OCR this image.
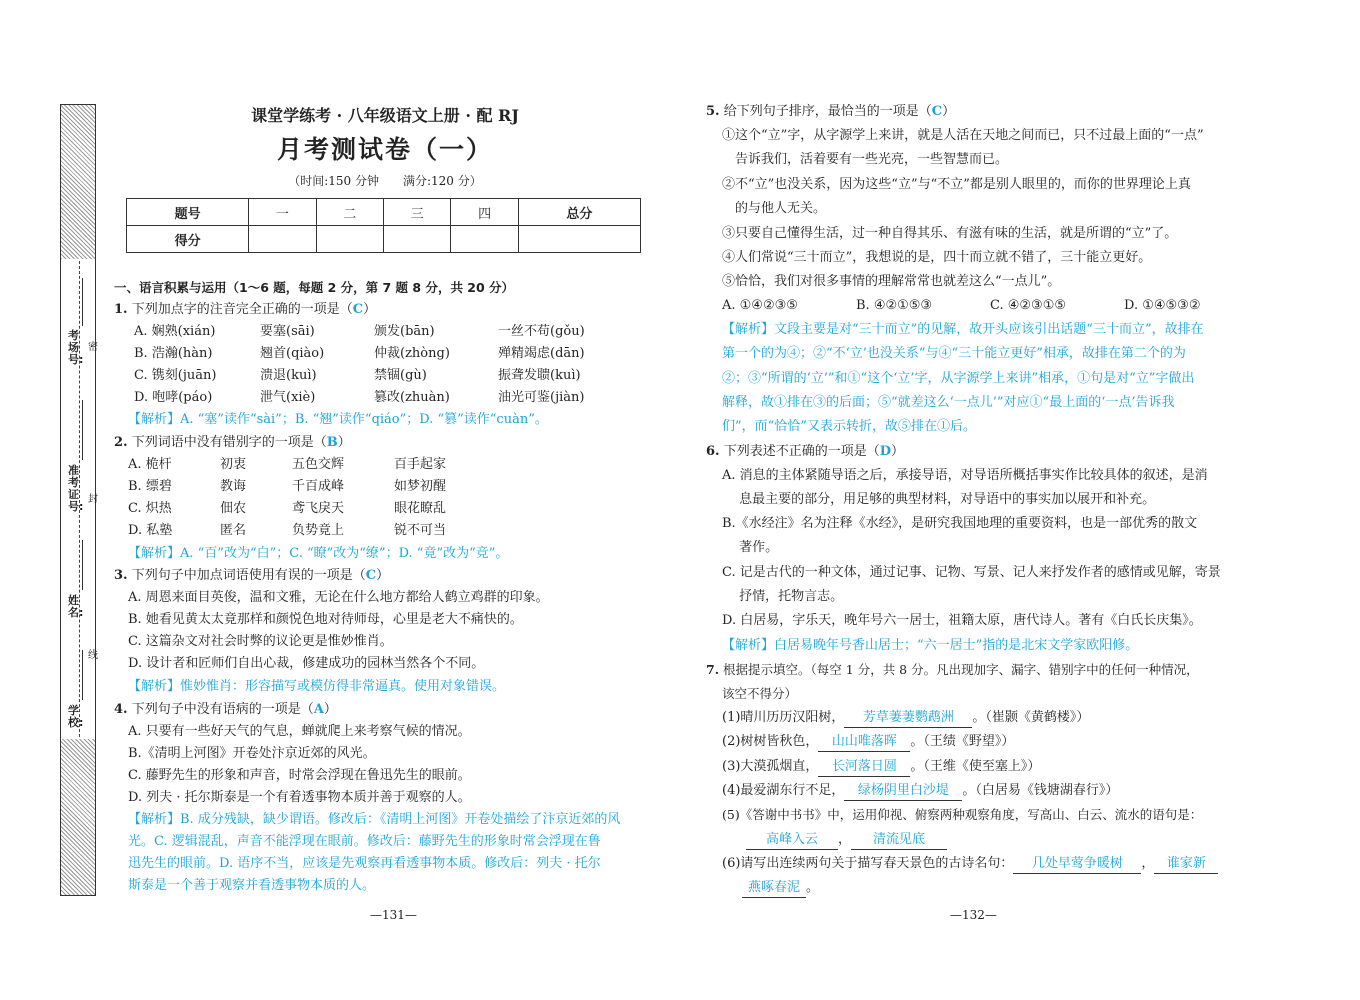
考场号:
准考证号:
姓名:
学校:
密
封
线
课堂学练考 · 八年级语文上册 · 配 RJ
月考测试卷（一）
（时间:150 分钟　　满分:120 分）
题号	一	二	三	四	总分
得分					
一、语言积累与运用（1～6 题，每题 2 分，第 7 题 8 分，共 20 分）
1. 下列加点字的注音完全正确的一项是（C）
A. 娴熟(xián)	要塞(sāi)	颁发(bān)	一丝不苟(gǒu)
B. 浩瀚(hàn)	翘首(qiào)	仲裁(zhòng)	殚精竭虑(dān)
C. 镌刻(juān)	溃退(kuì)	禁锢(gù)	振聋发聩(kuì)
D. 咆哮(páo)	泄气(xiè)	篡改(zhuàn)	油光可鉴(jiàn)
【解析】A. “塞”读作“sài”；B. “翘”读作“qiáo”；D. “篡”读作“cuàn”。
2. 下列词语中没有错别字的一项是（B）
A. 桅杆	初衷	五色交辉	百手起家
B. 缥碧	教诲	千百成峰	如梦初醒
C. 炽热	佃农	鸢飞戾天	眼花瞭乱
D. 私塾	匿名	负势竟上	锐不可当
【解析】A. “百”改为“白”；C. “瞭”改为“缭”；D. “竟”改为“竞”。
3. 下列句子中加点词语使用有误的一项是（C）
A. 周恩来面目英俊，温和文雅，无论在什么地方都给人鹤立鸡群的印象。
B. 她看见黄太太竟那样和颜悦色地对待师母，心里是老大不痛快的。
C. 这篇杂文对社会时弊的议论更是惟妙惟肖。
D. 设计者和匠师们自出心裁，修建成功的园林当然各个不同。
【解析】惟妙惟肖：形容描写或模仿得非常逼真。使用对象错误。
4. 下列句子中没有语病的一项是（A）
A. 只要有一些好天气的气息，蝉就爬上来考察气候的情况。
B.《清明上河图》开卷处汴京近郊的风光。
C. 藤野先生的形象和声音，时常会浮现在鲁迅先生的眼前。
D. 列夫 · 托尔斯泰是一个有着透事物本质并善于观察的人。
【解析】B. 成分残缺，缺少谓语。修改后：《清明上河图》开卷处描绘了汴京近郊的风
光。C. 逻辑混乱，声音不能浮现在眼前。修改后：藤野先生的形象时常会浮现在鲁
迅先生的眼前。D. 语序不当，应该是先观察再看透事物本质。修改后：列夫 · 托尔
斯泰是一个善于观察并看透事物本质的人。
—131—
5. 给下列句子排序，最恰当的一项是（C）
①这个“立”字，从字源学上来讲，就是人活在天地之间而已，只不过最上面的“一点”
　告诉我们，活着要有一些光亮，一些智慧而已。
②不“立”也没关系，因为这些“立”与“不立”都是别人眼里的，而你的世界理论上真
　的与他人无关。
③只要自己懂得生活，过一种自得其乐、有滋有味的生活，就是所谓的“立”了。
④人们常说“三十而立”，我想说的是，四十而立就不错了，三十能立更好。
⑤恰恰，我们对很多事情的理解常常也就差这么“一点儿”。
A. ①④②③⑤	B. ④②①⑤③	C. ④②③①⑤	D. ①④⑤③②
【解析】文段主要是对“三十而立”的见解，故开头应该引出话题“三十而立”，故排在
第一个的为④；②“不‘立’也没关系”与④“三十能立更好”相承，故排在第二个的为
②；③“所谓的‘立’”和①“这个‘立’字，从字源学上来讲”相承，①句是对“立”字做出
解释，故①排在③的后面；⑤“就差这么‘一点儿’”对应①“最上面的‘一点’告诉我
们”，而“恰恰”又表示转折，故⑤排在①后。
6. 下列表述不正确的一项是（D）
A. 消息的主体紧随导语之后，承接导语，对导语所概括事实作比较具体的叙述，是消
　 息最主要的部分，用足够的典型材料，对导语中的事实加以展开和补充。
B.《水经注》名为注释《水经》，是研究我国地理的重要资料，也是一部优秀的散文
　 著作。
C. 记是古代的一种文体，通过记事、记物、写景、记人来抒发作者的感情或见解，寄景
　 抒情，托物言志。
D. 白居易，字乐天，晚年号六一居士，祖籍太原，唐代诗人。著有《白氏长庆集》。
【解析】白居易晚年号香山居士；“六一居士”指的是北宋文学家欧阳修。
7. 根据提示填空。（每空 1 分，共 8 分。凡出现加字、漏字、错别字中的任何一种情况，
该空不得分）
(1)晴川历历汉阳树， 芳草萋萋鹦鹉洲 。（崔颢《黄鹤楼》）
(2)树树皆秋色， 山山唯落晖 。（王绩《野望》）
(3)大漠孤烟直， 长河落日圆 。（王维《使至塞上》）
(4)最爱湖东行不足， 绿杨阴里白沙堤 。（白居易《钱塘湖春行》）
(5)《答谢中书书》中，运用仰视、俯察两种观察角度，写高山、白云、流水的语句是：
高峰入云 ， 清流见底
(6)请写出连续两句关于描写春天景色的古诗名句： 几处早莺争暖树 ， 谁家新
燕啄春泥 。
—132—
